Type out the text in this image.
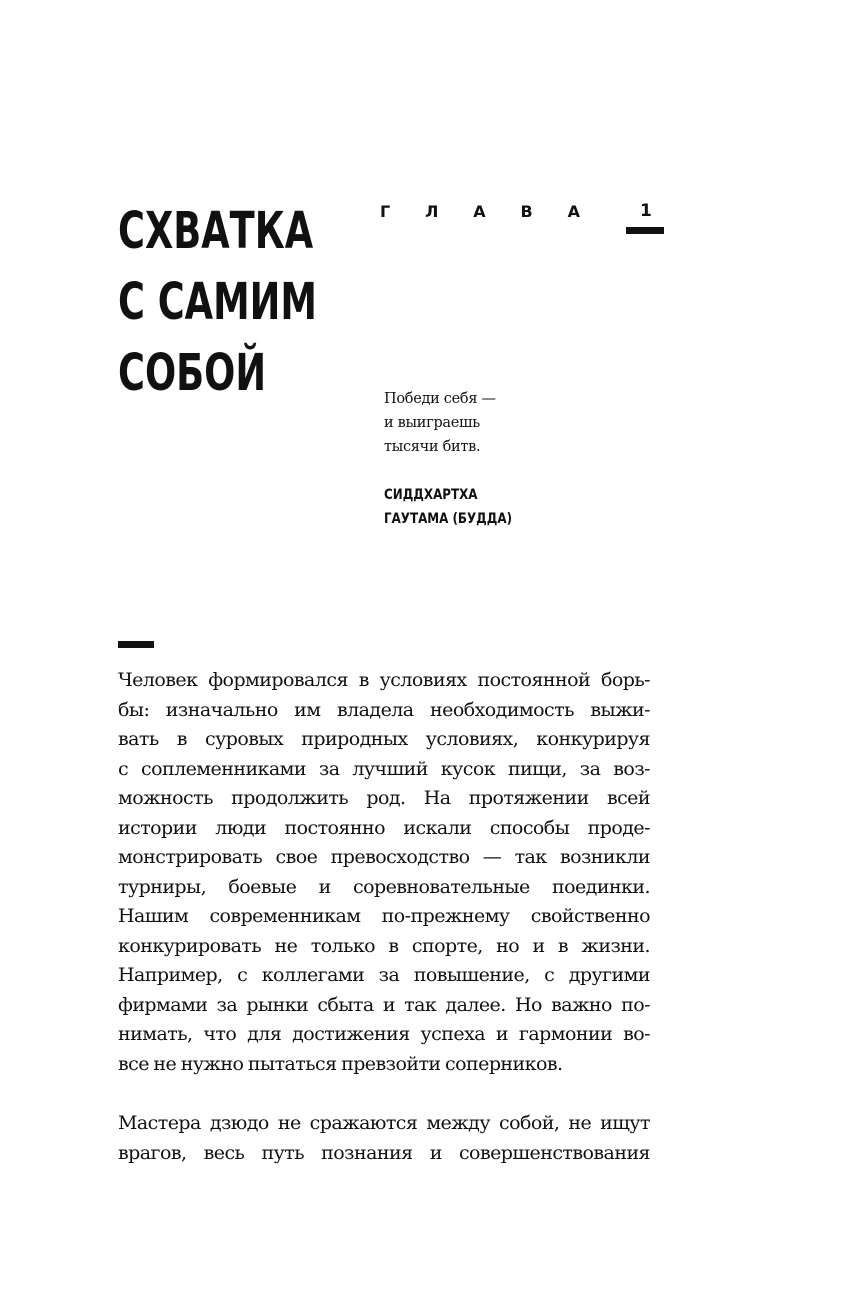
СХВАТКА
С САМИМ
СОБОЙ
Г Л А В А	1
Победи себя —
и выиграешь
тысячи битв.
СИДДХАРТХА
ГАУТАМА (БУДДА)
Человек формировался в условиях постоянной борь-
бы: изначально им владела необходимость выжи-
вать в суровых природных условиях, конкурируя
с соплеменниками за лучший кусок пищи, за воз-
можность продолжить род. На протяжении всей
истории люди постоянно искали способы проде-
монстрировать свое превосходство — так возникли
турниры, боевые и соревновательные поединки.
Нашим современникам по-прежнему свойственно
конкурировать не только в спорте, но и в жизни.
Например, с коллегами за повышение, с другими
фирмами за рынки сбыта и так далее. Но важно по-
нимать, что для достижения успеха и гармонии во-
все не нужно пытаться превзойти соперников.
Мастера дзюдо не сражаются между собой, не ищут
врагов, весь путь познания и совершенствования
